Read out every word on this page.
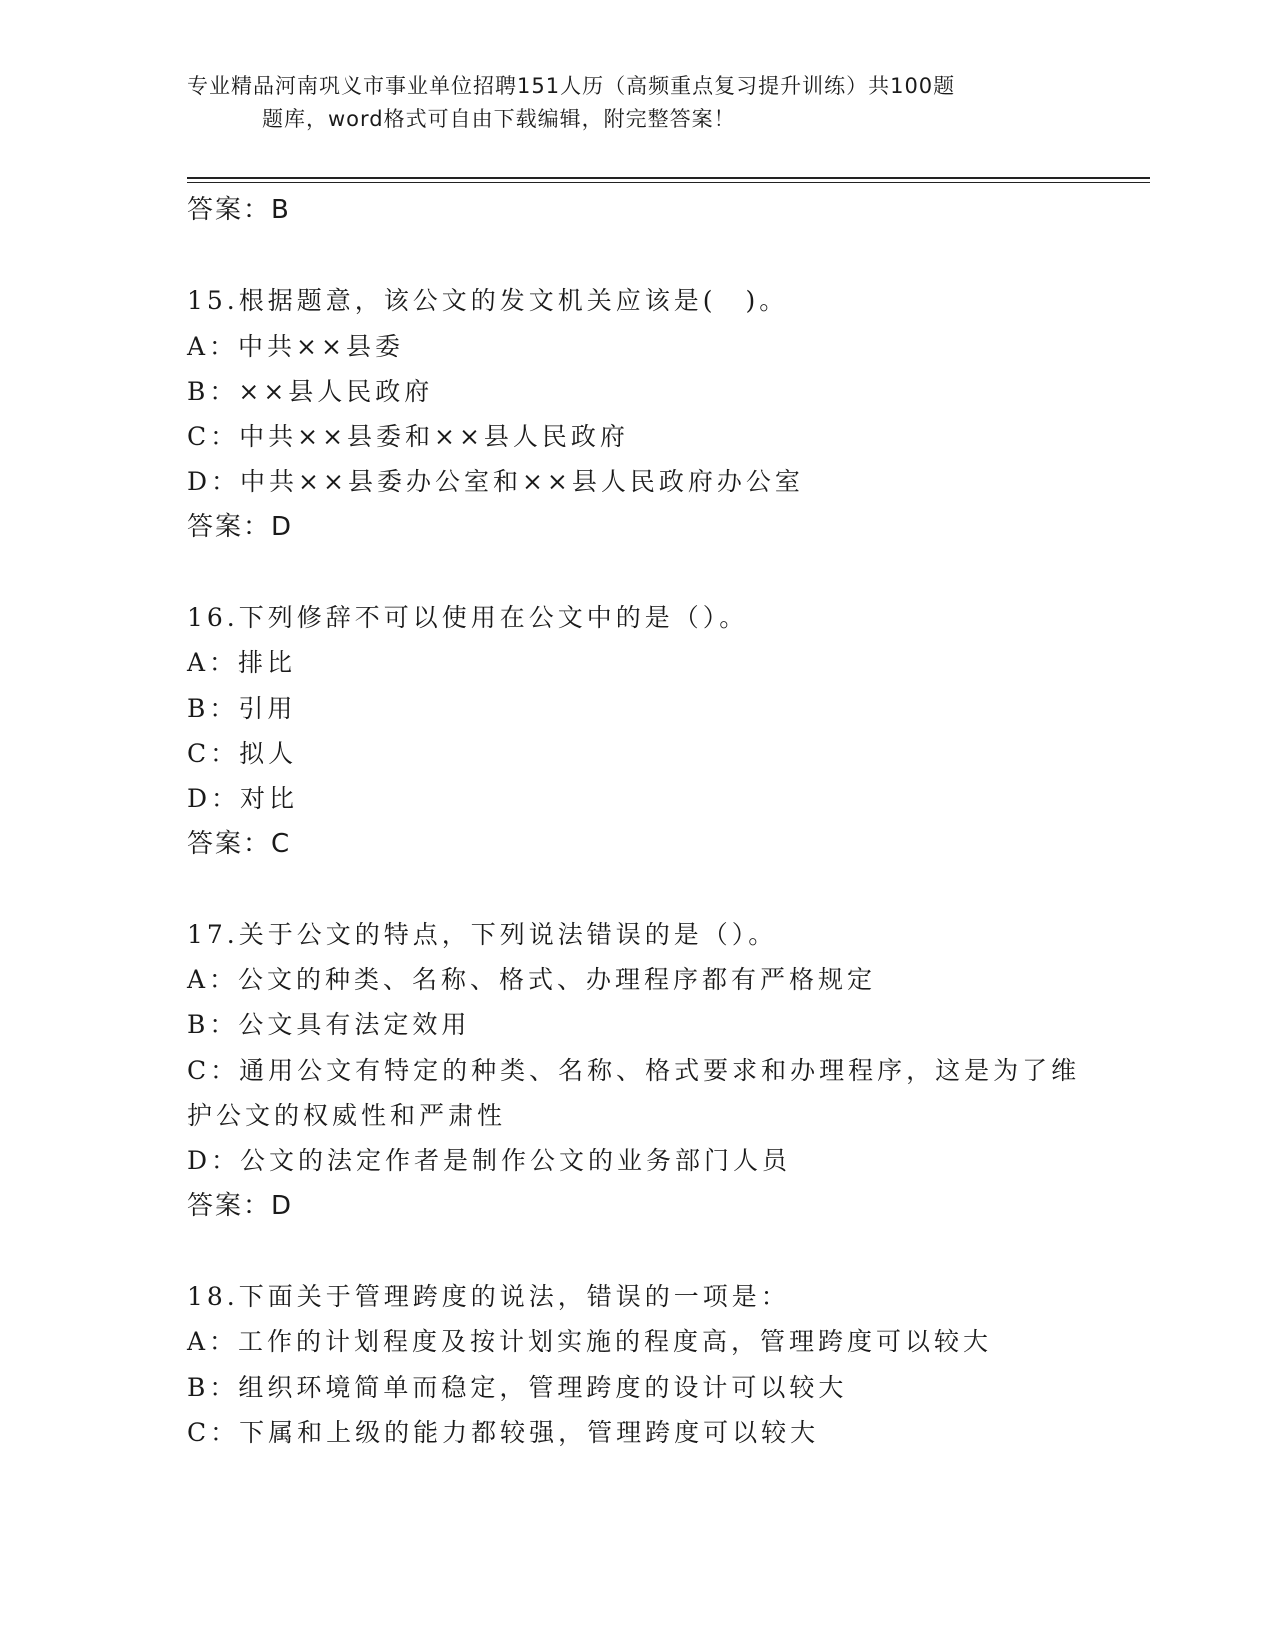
专业精品河南巩义市事业单位招聘151人历（高频重点复习提升训练）共100题
题库，word格式可自由下载编辑，附完整答案！
答案：B
15.根据题意，该公文的发文机关应该是(　)。
A：中共××县委
B：××县人民政府
C：中共××县委和××县人民政府
D：中共××县委办公室和××县人民政府办公室
答案：D
16.下列修辞不可以使用在公文中的是（）。
A：排比
B：引用
C：拟人
D：对比
答案：C
17.关于公文的特点，下列说法错误的是（）。
A：公文的种类、名称、格式、办理程序都有严格规定
B：公文具有法定效用
C：通用公文有特定的种类、名称、格式要求和办理程序，这是为了维
护公文的权威性和严肃性
D：公文的法定作者是制作公文的业务部门人员
答案：D
18.下面关于管理跨度的说法，错误的一项是：
A：工作的计划程度及按计划实施的程度高，管理跨度可以较大
B：组织环境简单而稳定，管理跨度的设计可以较大
C：下属和上级的能力都较强，管理跨度可以较大
